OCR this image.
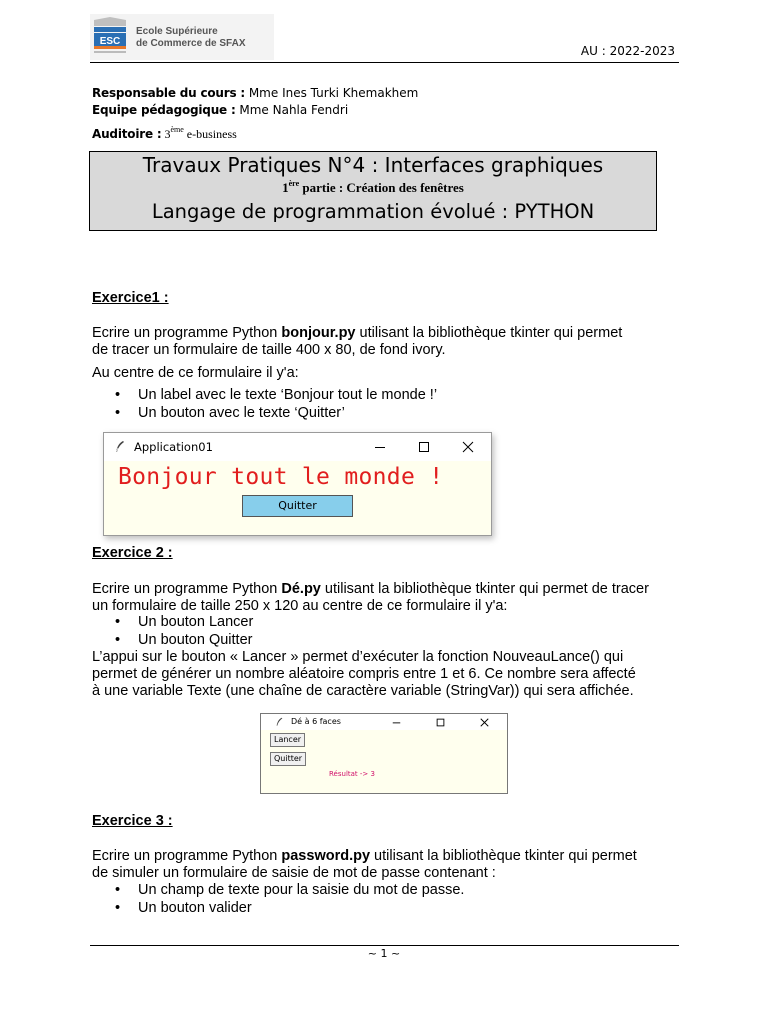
ESC
Ecole Supérieure
de Commerce de SFAX
AU : 2022-2023
Responsable du cours : Mme Ines Turki Khemakhem
Equipe pédagogique : Mme Nahla Fendri
Auditoire : 3ème e-business
Travaux Pratiques N°4 : Interfaces graphiques
1ère partie : Création des fenêtres
Langage de programmation évolué : PYTHON
Exercice1 :
Ecrire un programme Python bonjour.py utilisant la bibliothèque tkinter qui permet
de tracer un formulaire de taille 400 x 80, de fond ivory.
Au centre de ce formulaire il y'a:
• Un label avec le texte ‘Bonjour tout le monde !’
• Un bouton avec le texte ‘Quitter’
Application01
Bonjour tout le monde !
Quitter
Exercice 2 :
Ecrire un programme Python Dé.py utilisant la bibliothèque tkinter qui permet de tracer
un formulaire de taille 250 x 120 au centre de ce formulaire il y'a:
• Un bouton Lancer
• Un bouton Quitter
L’appui sur le bouton « Lancer » permet d’exécuter la fonction NouveauLance() qui
permet de générer un nombre aléatoire compris entre 1 et 6. Ce nombre sera affecté
à une variable Texte (une chaîne de caractère variable (StringVar)) qui sera affichée.
Dé à 6 faces
Lancer
Quitter
Résultat -> 3
Exercice 3 :
Ecrire un programme Python password.py utilisant la bibliothèque tkinter qui permet
de simuler un formulaire de saisie de mot de passe contenant :
• Un champ de texte pour la saisie du mot de passe.
• Un bouton valider
~ 1 ~
